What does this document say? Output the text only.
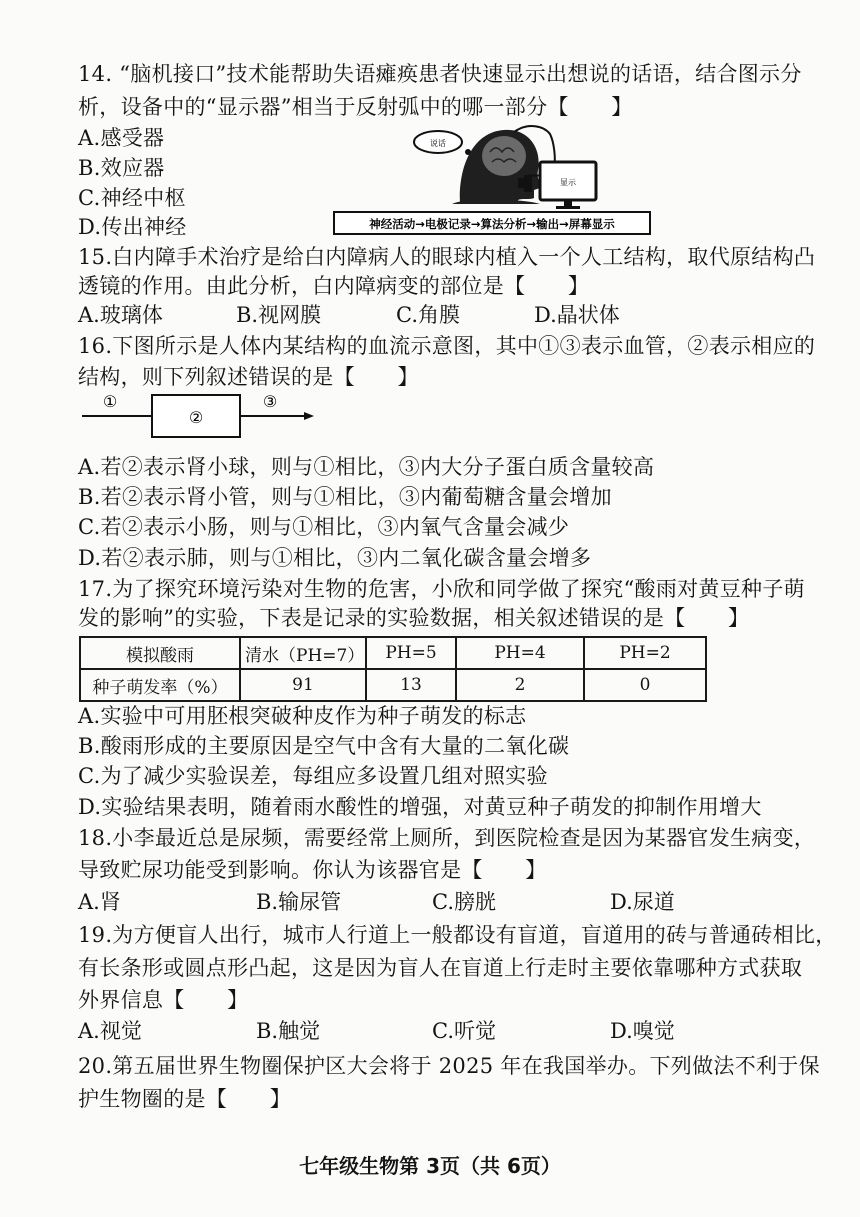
14. “脑机接口”技术能帮助失语瘫痪患者快速显示出想说的话语，结合图示分
析，设备中的“显示器”相当于反射弧中的哪一部分【　　】
A.感受器
B.效应器
C.神经中枢
D.传出神经
说话
显示
神经活动→电极记录→算法分析→输出→屏幕显示
15.白内障手术治疗是给白内障病人的眼球内植入一个人工结构，取代原结构凸
透镜的作用。由此分析，白内障病变的部位是【　　】
A.玻璃体	B.视网膜	C.角膜	D.晶状体
16.下图所示是人体内某结构的血流示意图，其中①③表示血管，②表示相应的
结构，则下列叙述错误的是【　　】
①
②
③
A.若②表示肾小球，则与①相比，③内大分子蛋白质含量较高
B.若②表示肾小管，则与①相比，③内葡萄糖含量会增加
C.若②表示小肠，则与①相比，③内氧气含量会减少
D.若②表示肺，则与①相比，③内二氧化碳含量会增多
17.为了探究环境污染对生物的危害，小欣和同学做了探究“酸雨对黄豆种子萌
发的影响”的实验，下表是记录的实验数据，相关叙述错误的是【　　】
模拟酸雨	清水（PH=7）	PH=5	PH=4	PH=2
种子萌发率（%）	91	13	2	0
A.实验中可用胚根突破种皮作为种子萌发的标志
B.酸雨形成的主要原因是空气中含有大量的二氧化碳
C.为了减少实验误差，每组应多设置几组对照实验
D.实验结果表明，随着雨水酸性的增强，对黄豆种子萌发的抑制作用增大
18.小李最近总是尿频，需要经常上厕所，到医院检查是因为某器官发生病变，
导致贮尿功能受到影响。你认为该器官是【　　】
A.肾	B.输尿管	C.膀胱	D.尿道
19.为方便盲人出行，城市人行道上一般都设有盲道，盲道用的砖与普通砖相比，
有长条形或圆点形凸起，这是因为盲人在盲道上行走时主要依靠哪种方式获取
外界信息【　　】
A.视觉	B.触觉	C.听觉	D.嗅觉
20.第五届世界生物圈保护区大会将于 2025 年在我国举办。下列做法不利于保
护生物圈的是【　　】
七年级生物第 3页（共 6页）
